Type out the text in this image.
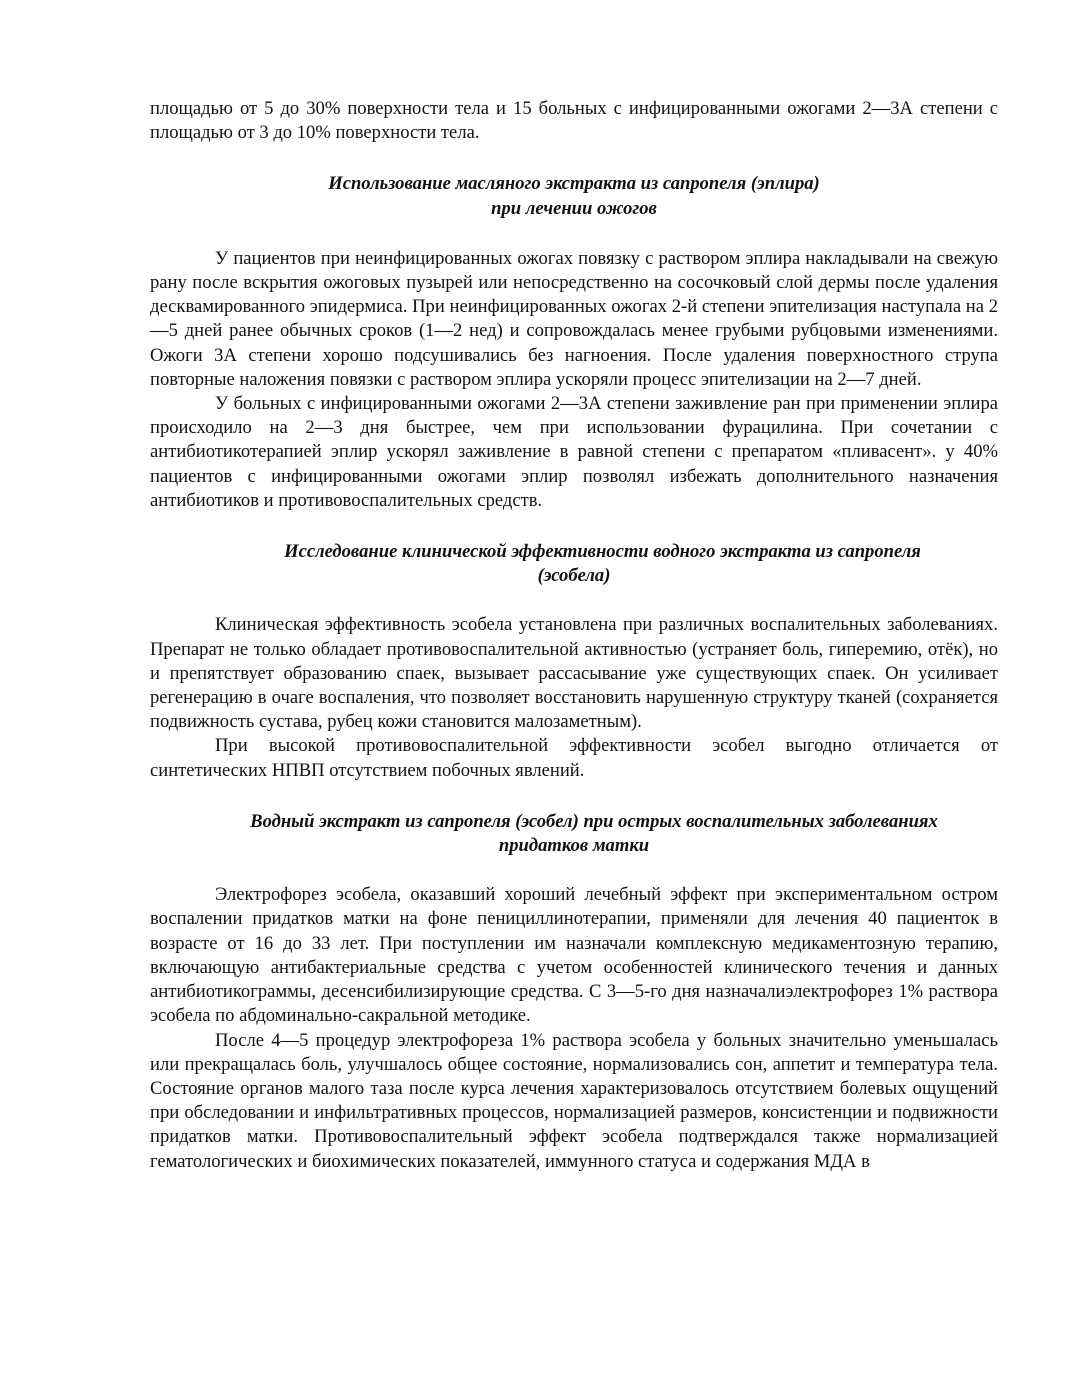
площадью от 5 до 30% поверхности тела и 15 больных с инфицированными ожогами 2—3А степени с площадью от 3 до 10% поверхности тела.

Использование масляного экстракта из сапропеля (эплира)
при лечении ожогов

У пациентов при неинфицированных ожогах повязку с раствором эплира накладывали на свежую рану после вскрытия ожоговых пузырей или непосредственно на сосочковый слой дермы после удаления десквамированного эпидермиса. При неинфицированных ожогах 2-й степени эпителизация наступала на 2—5 дней ранее обычных сроков (1—2 нед) и сопровождалась менее грубыми рубцовыми изменениями. Ожоги 3А степени хорошо подсушивались без нагноения. После удаления поверхностного струпа повторные наложения повязки с раствором эплира ускоряли процесс эпителизации на 2—7 дней.

У больных с инфицированными ожогами 2—3А степени заживление ран при применении эплира происходило на 2—3 дня быстрее, чем при использовании фурацилина. При сочетании с антибиотикотерапией эплир ускорял заживление в равной степени с препаратом «пливасент». у 40% пациентов с инфицированными ожогами эплир позволял избежать дополнительного назначения антибиотиков и противовоспалительных средств.

Исследование клинической эффективности водного экстракта из сапропеля
(эсобела)

Клиническая эффективность эсобела установлена при различных воспалительных заболеваниях. Препарат не только обладает противовоспалительной активностью (устраняет боль, гиперемию, отёк), но и препятствует образованию спаек, вызывает рассасывание уже существующих спаек. Он усиливает регенерацию в очаге воспаления, что позволяет восстановить нарушенную структуру тканей (сохраняется подвижность сустава, рубец кожи становится малозаметным).

При высокой противовоспалительной эффективности эсобел выгодно отличается от синтетических НПВП отсутствием побочных явлений.

Водный экстракт из сапропеля (эсобел) при острых воспалительных заболеваниях
придатков матки

Электрофорез эсобела, оказавший хороший лечебный эффект при экспериментальном остром воспалении придатков матки на фоне пенициллинотерапии, применяли для лечения 40 пациенток в возрасте от 16 до 33 лет. При поступлении им назначали комплексную медикаментозную терапию, включающую антибактериальные средства с учетом особенностей клинического течения и данных антибиотикограммы, десенсибилизирующие средства. С 3—5-го дня назначалиэлектрофорез 1% раствора эсобела по абдоминально-сакральной методике.

После 4—5 процедур электрофореза 1% раствора эсобела у больных значительно уменьшалась или прекращалась боль, улучшалось общее состояние, нормализовались сон, аппетит и температура тела. Состояние органов малого таза после курса лечения характеризовалось отсутствием болевых ощущений при обследовании и инфильтративных процессов, нормализацией размеров, консистенции и подвижности придатков матки. Противовоспалительный эффект эсобела подтверждался также нормализацией гематологических и биохимических показателей, иммунного статуса и содержания МДА в
